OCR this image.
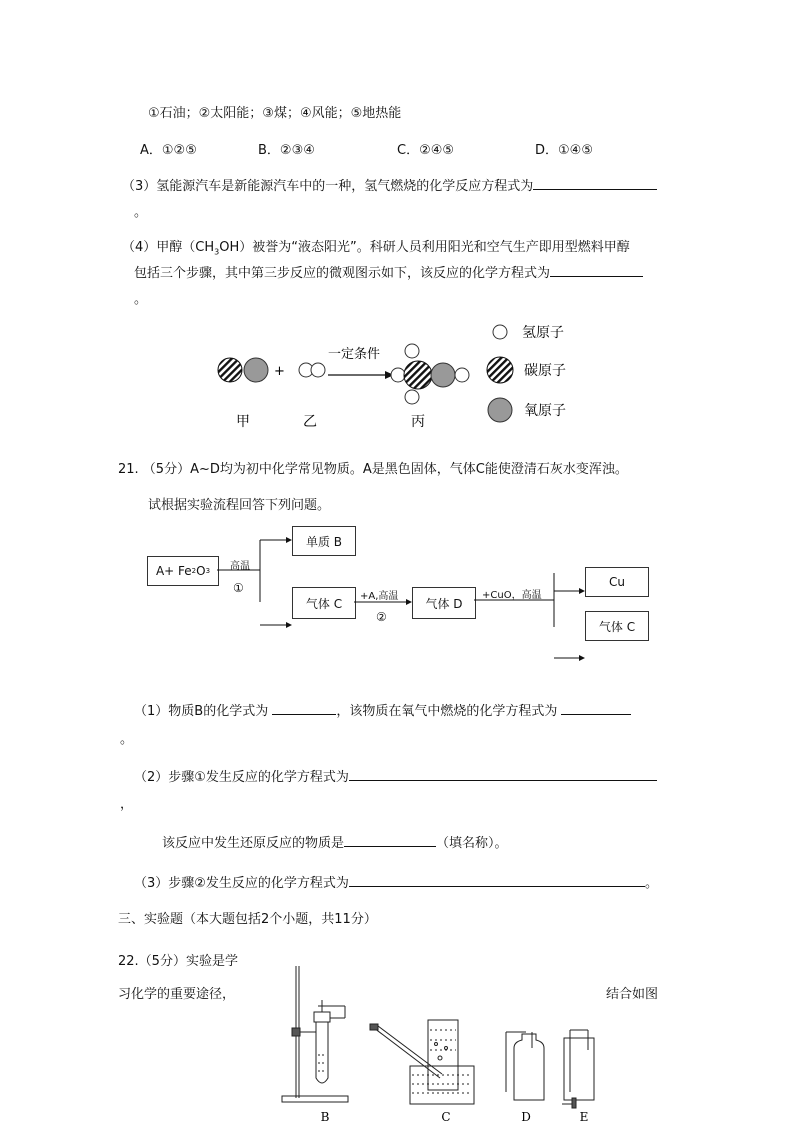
①石油；②太阳能；③煤；④风能；⑤地热能
A．①②⑤	B．②③④	C．②④⑤	D．①④⑤
（3）氢能源汽车是新能源汽车中的一种，氢气燃烧的化学反应方程式为
。
（4）甲醇$(CH_3OH)$被誉为“液态阳光”。科研人员利用阳光和空气生产即用型燃料甲醇
包括三个步骤，其中第三步反应的微观图示如下，该反应的化学方程式为
。
+
一定条件
甲	乙	丙
氢原子
碳原子
氧原子
21. （5分）A~D均为初中化学常见物质。A是黑色固体，气体C能使澄清石灰水变浑浊。
试根据实验流程回答下列问题。
A+ Fe 2 O 3
单质 B
气体 C	气体 D
Cu
气体 C
高温
①
+A,高温
②
+CuO，高温
（1）物质B的化学式为	，该物质在氧气中燃烧的化学方程式为
。
（2）步骤①发生反应的化学方程式为
，
该反应中发生还原反应的物质是	（填名称）。
（3）步骤②发生反应的化学方程式为	。
三、实验题（本大题包括2个小题，共11分）
22.（5分）实验是学
习化学的重要途径，	结合如图
B	C	D	E
